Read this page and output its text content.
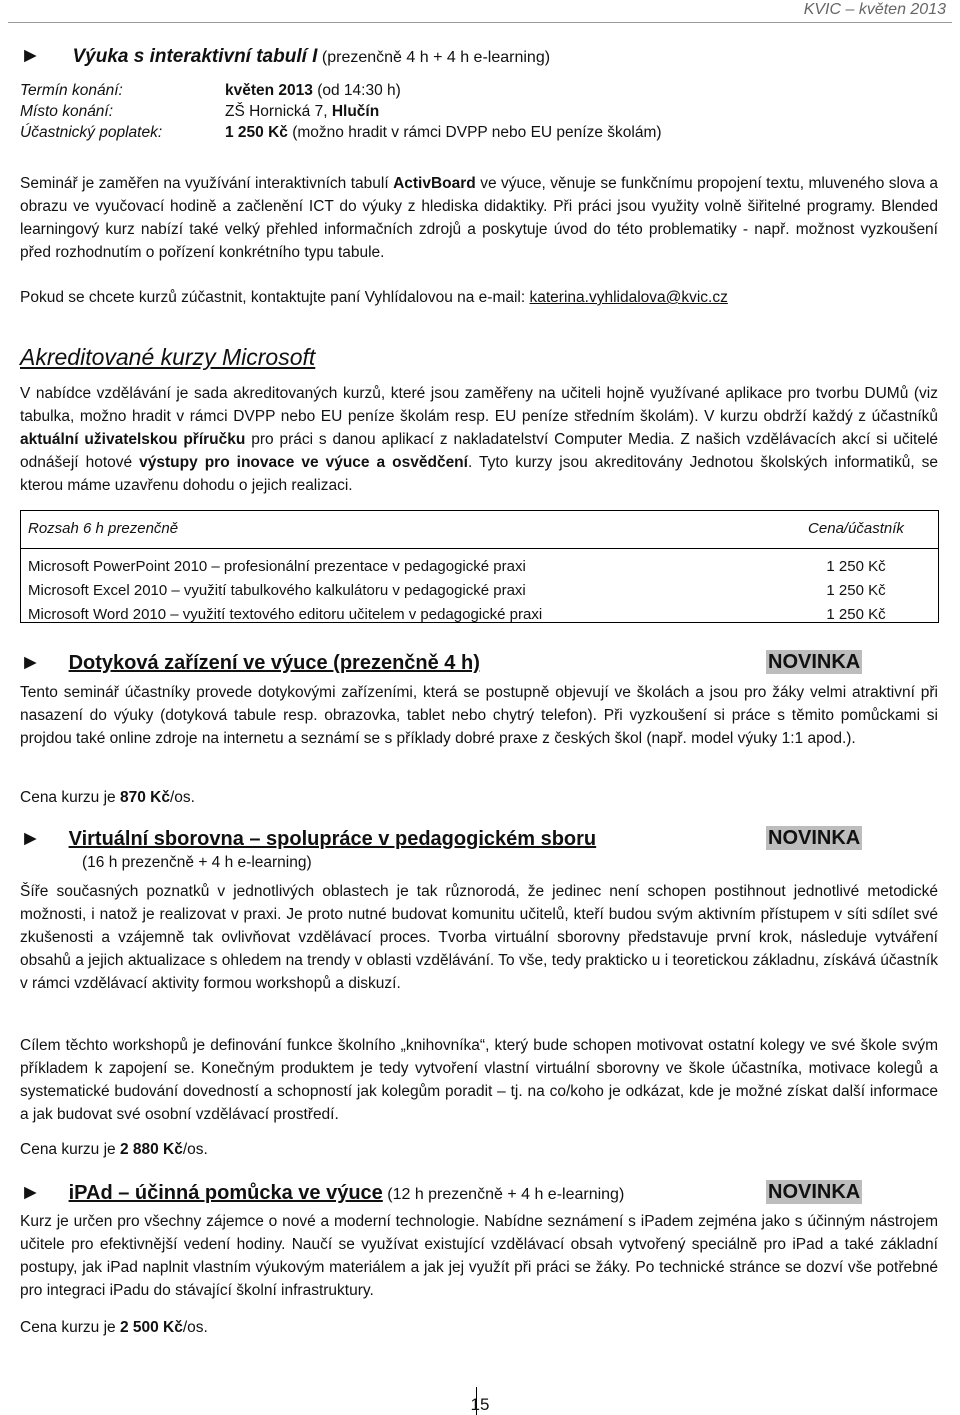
KVIC – květen 2013
► Výuka s interaktivní tabulí I (prezenčně 4 h + 4 h e-learning)
Termín konání:	květen 2013 (od 14:30 h)
Místo konání:	ZŠ Hornická 7, Hlučín
Účastnický poplatek:	1 250 Kč (možno hradit v rámci DVPP nebo EU peníze školám)

Seminář je zaměřen na využívání interaktivních tabulí ActivBoard ve výuce, věnuje se funkčnímu propojení textu, mluveného slova a obrazu ve vyučovací hodině a začlenění ICT do výuky z hlediska didaktiky. Při práci jsou využity volně šiřitelné programy. Blended learningový kurz nabízí také velký přehled informačních zdrojů a poskytuje úvod do této problematiky - např. možnost vyzkoušení před rozhodnutím o pořízení konkrétního typu tabule.

Pokud se chcete kurzů zúčastnit, kontaktujte paní Vyhlídalovou na e-mail: katerina.vyhlidalova@kvic.cz
Akreditované kurzy Microsoft

V nabídce vzdělávání je sada akreditovaných kurzů, které jsou zaměřeny na učiteli hojně využívané aplikace pro tvorbu DUMů (viz tabulka, možno hradit v rámci DVPP nebo EU peníze školám resp. EU peníze středním školám). V kurzu obdrží každý z účastníků aktuální uživatelskou příručku pro práci s danou aplikací z nakladatelství Computer Media. Z našich vzdělávacích akcí si učitelé odnášejí hotové výstupy pro inovace ve výuce a osvědčení. Tyto kurzy jsou akreditovány Jednotou školských informatiků, se kterou máme uzavřenu dohodu o jejich realizaci.

Rozsah 6 h prezenčně	Cena/účastník

Microsoft PowerPoint 2010 – profesionální prezentace v pedagogické praxi	1 250 Kč
Microsoft Excel 2010 – využití tabulkového kalkulátoru v pedagogické praxi	1 250 Kč
Microsoft Word 2010 – využití textového editoru učitelem v pedagogické praxi	1 250 Kč
► Dotyková zařízení ve výuce (prezenčně 4 h)	NOVINKA
Tento seminář účastníky provede dotykovými zařízeními, která se postupně objevují ve školách a jsou pro žáky velmi atraktivní při nasazení do výuky (dotyková tabule resp. obrazovka, tablet nebo chytrý telefon). Při vyzkoušení si práce s těmito pomůckami si projdou také online zdroje na internetu a seznámí se s příklady dobré praxe z českých škol (např. model výuky 1:1 apod.).
Cena kurzu je 870 Kč/os.
► Virtuální sborovna – spolupráce v pedagogickém sboru	NOVINKA
(16 h prezenčně + 4 h e-learning)
Šíře současných poznatků v jednotlivých oblastech je tak různorodá, že jedinec není schopen postihnout jednotlivé metodické možnosti, i natož je realizovat v praxi. Je proto nutné budovat komunitu učitelů, kteří budou svým aktivním přístupem v síti sdílet své zkušenosti a vzájemně tak ovlivňovat vzdělávací proces. Tvorba virtuální sborovny představuje první krok, následuje vytváření obsahů a jejich aktualizace s ohledem na trendy v oblasti vzdělávání. To vše, tedy prakticko u i teoretickou základnu, získává účastník v rámci vzdělávací aktivity formou workshopů a diskuzí.
Cílem těchto workshopů je definování funkce školního „knihovníka“, který bude schopen motivovat ostatní kolegy ve své škole svým příkladem k zapojení se. Konečným produktem je tedy vytvoření vlastní virtuální sborovny ve škole účastníka, motivace kolegů a systematické budování dovedností a schopností jak kolegům poradit – tj. na co/koho je odkázat, kde je možné získat další informace a jak budovat své osobní vzdělávací prostředí.
Cena kurzu je 2 880 Kč/os.
► iPAd – účinná pomůcka ve výuce (12 h prezenčně + 4 h e-learning)	NOVINKA
Kurz je určen pro všechny zájemce o nové a moderní technologie. Nabídne seznámení s iPadem zejména jako s účinným nástrojem učitele pro efektivnější vedení hodiny. Naučí se využívat existující vzdělávací obsah vytvořený speciálně pro iPad a také základní postupy, jak iPad naplnit vlastním výukovým materiálem a jak jej využít při práci se žáky. Po technické stránce se dozví vše potřebné pro integraci iPadu do stávající školní infrastruktury.
Cena kurzu je 2 500 Kč/os.
15
